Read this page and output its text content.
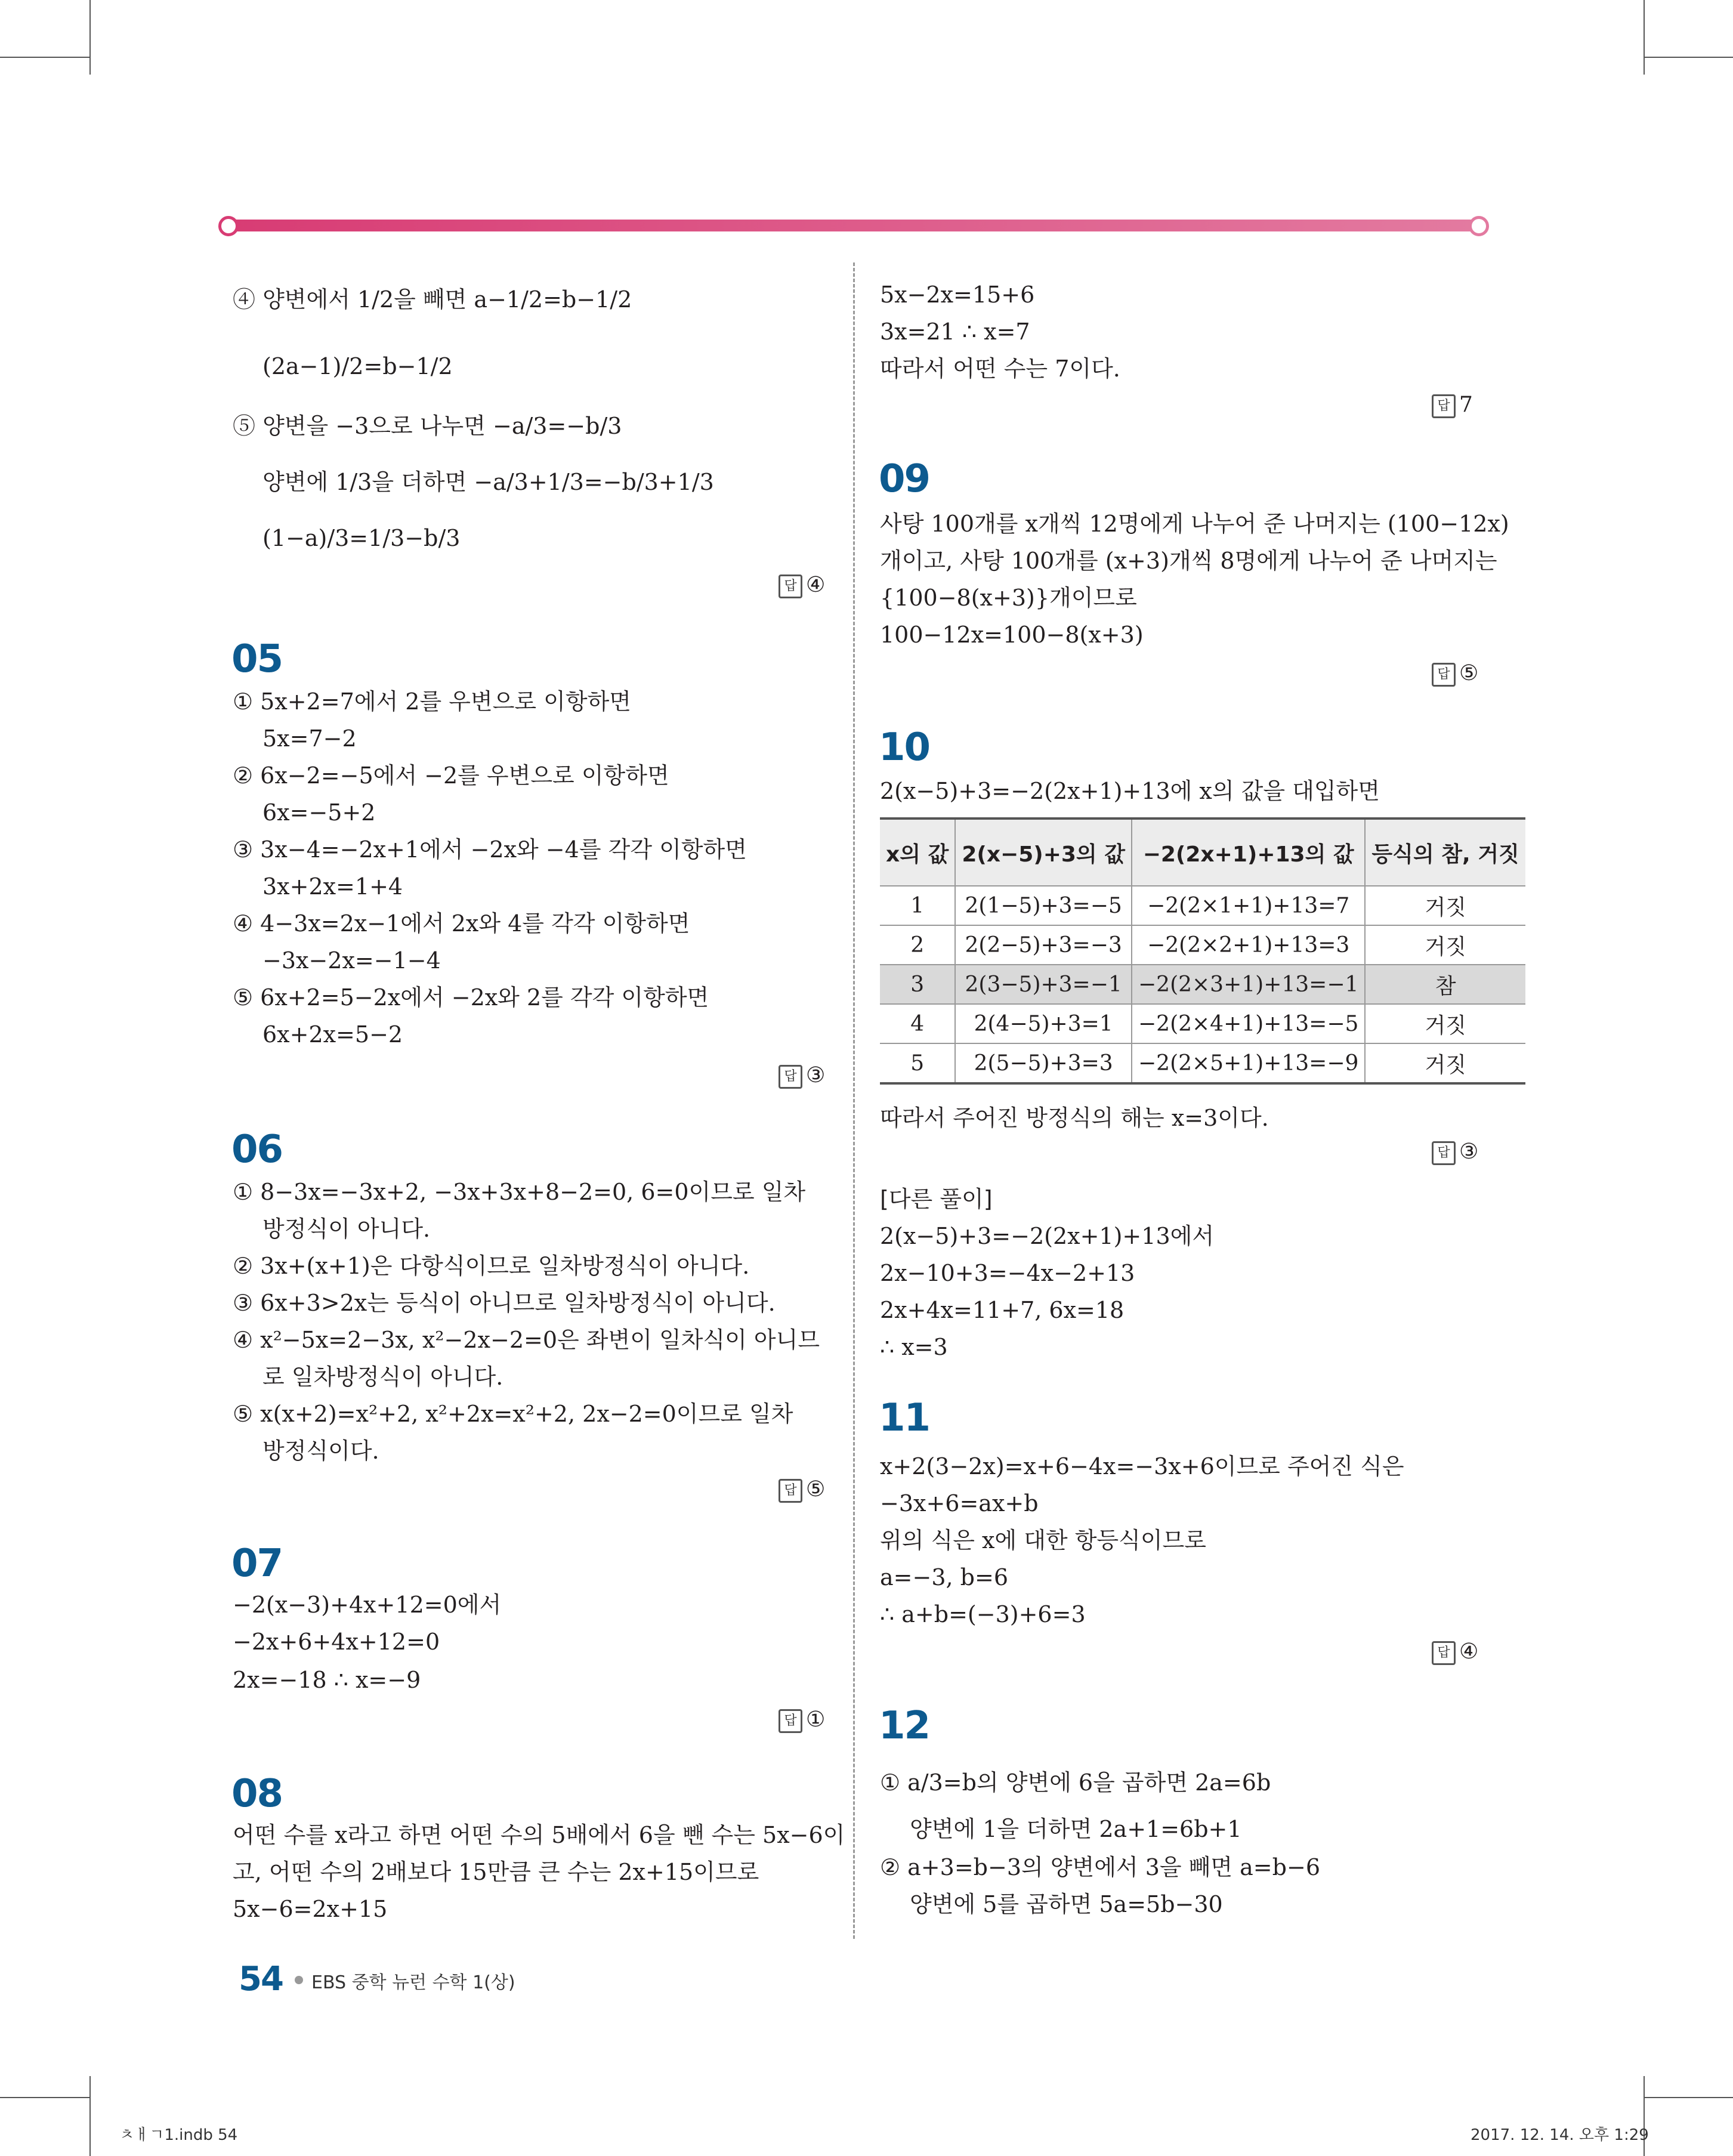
④ 양변에서 1/2을 빼면 a−1/2=b−1/2
(2a−1)/2=b−1/2
⑤ 양변을 −3으로 나누면 −a/3=−b/3
양변에 1/3을 더하면 −a/3+1/3=−b/3+1/3
(1−a)/3=1/3−b/3
답 ④
05
① 5x+2=7에서 2를 우변으로 이항하면
5x=7−2
② 6x−2=−5에서 −2를 우변으로 이항하면
6x=−5+2
③ 3x−4=−2x+1에서 −2x와 −4를 각각 이항하면
3x+2x=1+4
④ 4−3x=2x−1에서 2x와 4를 각각 이항하면
−3x−2x=−1−4
⑤ 6x+2=5−2x에서 −2x와 2를 각각 이항하면
6x+2x=5−2
답 ③
06
① 8−3x=−3x+2, −3x+3x+8−2=0, 6=0이므로 일차
방정식이 아니다.
② 3x+(x+1)은 다항식이므로 일차방정식이 아니다.
③ 6x+3>2x는 등식이 아니므로 일차방정식이 아니다.
④ x²−5x=2−3x, x²−2x−2=0은 좌변이 일차식이 아니므
로 일차방정식이 아니다.
⑤ x(x+2)=x²+2, x²+2x=x²+2, 2x−2=0이므로 일차
방정식이다.
답 ⑤
07
−2(x−3)+4x+12=0에서
−2x+6+4x+12=0
2x=−18 ∴ x=−9
답 ①
08
어떤 수를 x라고 하면 어떤 수의 5배에서 6을 뺀 수는 5x−6이
고, 어떤 수의 2배보다 15만큼 큰 수는 2x+15이므로
5x−6=2x+15
5x−2x=15+6
3x=21 ∴ x=7
따라서 어떤 수는 7이다.
답 7
09
사탕 100개를 x개씩 12명에게 나누어 준 나머지는 (100−12x)
개이고, 사탕 100개를 (x+3)개씩 8명에게 나누어 준 나머지는
{100−8(x+3)}개이므로
100−12x=100−8(x+3)
답 ⑤
10
2(x−5)+3=−2(2x+1)+13에 x의 값을 대입하면
x의 값	2(x−5)+3의 값	−2(2x+1)+13의 값	등식의 참, 거짓
1	2(1−5)+3=−5	−2(2×1+1)+13=7	거짓
2	2(2−5)+3=−3	−2(2×2+1)+13=3	거짓
3	2(3−5)+3=−1	−2(2×3+1)+13=−1	참
4	2(4−5)+3=1	−2(2×4+1)+13=−5	거짓
5	2(5−5)+3=3	−2(2×5+1)+13=−9	거짓
따라서 주어진 방정식의 해는 x=3이다.
답 ③
[다른 풀이]
2(x−5)+3=−2(2x+1)+13에서
2x−10+3=−4x−2+13
2x+4x=11+7, 6x=18
∴ x=3
11
x+2(3−2x)=x+6−4x=−3x+6이므로 주어진 식은
−3x+6=ax+b
위의 식은 x에 대한 항등식이므로
a=−3, b=6
∴ a+b=(−3)+6=3
답 ④
12
① a/3=b의 양변에 6을 곱하면 2a=6b
양변에 1을 더하면 2a+1=6b+1
② a+3=b−3의 양변에서 3을 빼면 a=b−6
양변에 5를 곱하면 5a=5b−30
54 EBS 중학 뉴런 수학 1(상)
ㅊㅐㄱ1.indb 54	2017. 12. 14. 오후 1:29
